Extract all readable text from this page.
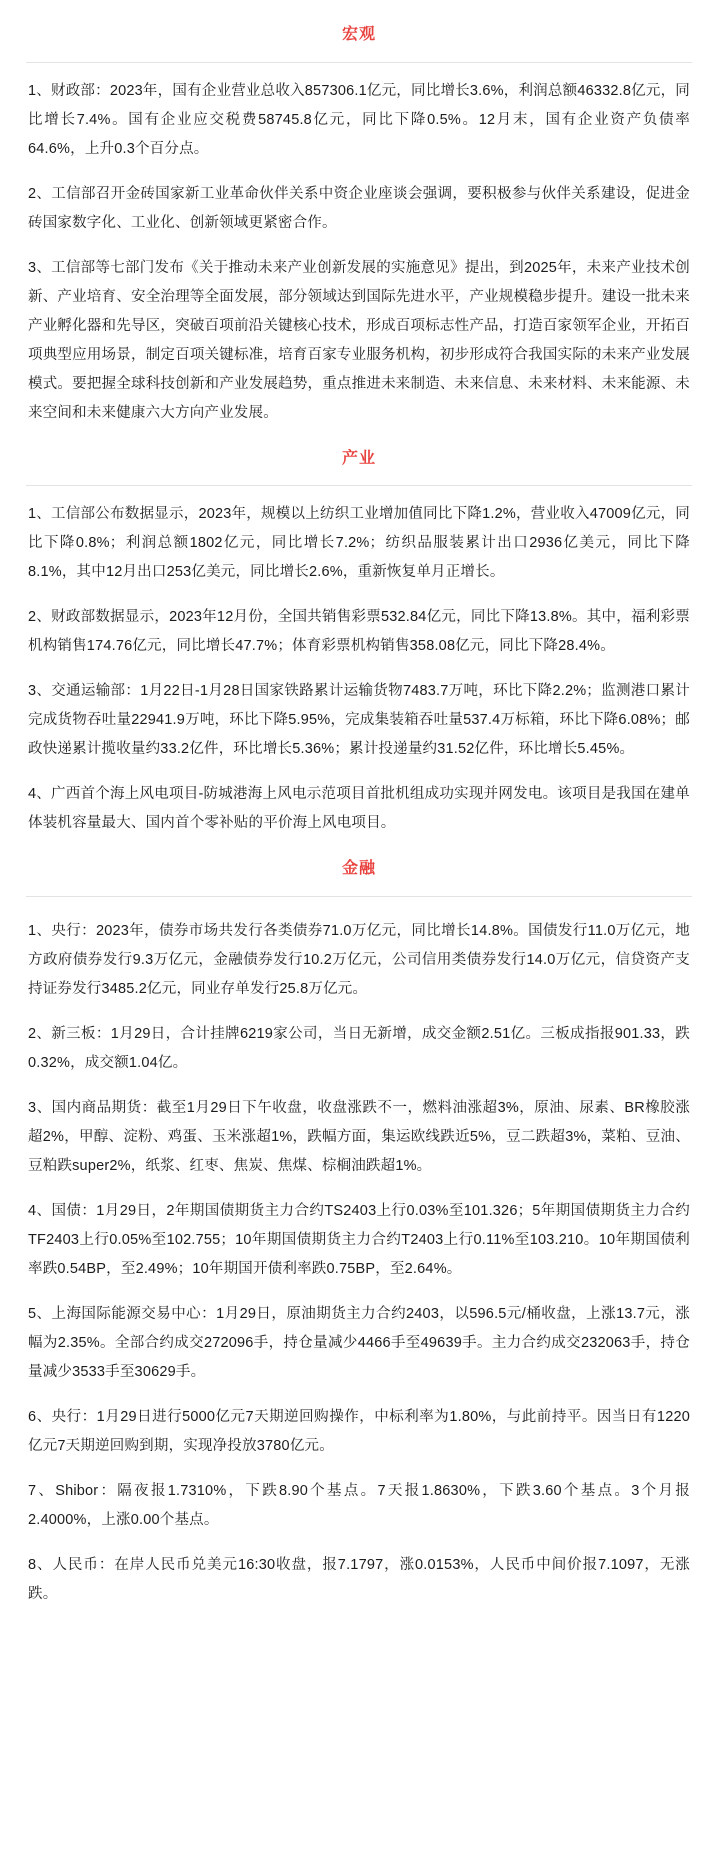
宏观

1、财政部：2023年，国有企业营业总收入857306.1亿元，同比增长3.6%，利润总额46332.8亿元，同比增长7.4%。国有企业应交税费58745.8亿元，同比下降0.5%。12月末，国有企业资产负债率64.6%，上升0.3个百分点。

2、工信部召开金砖国家新工业革命伙伴关系中资企业座谈会强调，要积极参与伙伴关系建设，促进金砖国家数字化、工业化、创新领域更紧密合作。

3、工信部等七部门发布《关于推动未来产业创新发展的实施意见》提出，到2025年，未来产业技术创新、产业培育、安全治理等全面发展，部分领域达到国际先进水平，产业规模稳步提升。建设一批未来产业孵化器和先导区，突破百项前沿关键核心技术，形成百项标志性产品，打造百家领军企业，开拓百项典型应用场景，制定百项关键标准，培育百家专业服务机构，初步形成符合我国实际的未来产业发展模式。要把握全球科技创新和产业发展趋势，重点推进未来制造、未来信息、未来材料、未来能源、未来空间和未来健康六大方向产业发展。

产业

1、工信部公布数据显示，2023年，规模以上纺织工业增加值同比下降1.2%，营业收入47009亿元，同比下降0.8%；利润总额1802亿元，同比增长7.2%；纺织品服装累计出口2936亿美元，同比下降8.1%，其中12月出口253亿美元，同比增长2.6%，重新恢复单月正增长。

2、财政部数据显示，2023年12月份，全国共销售彩票532.84亿元，同比下降13.8%。其中，福利彩票机构销售174.76亿元，同比增长47.7%；体育彩票机构销售358.08亿元，同比下降28.4%。

3、交通运输部：1月22日-1月28日国家铁路累计运输货物7483.7万吨，环比下降2.2%；监测港口累计完成货物吞吐量22941.9万吨，环比下降5.95%，完成集装箱吞吐量537.4万标箱，环比下降6.08%；邮政快递累计揽收量约33.2亿件，环比增长5.36%；累计投递量约31.52亿件，环比增长5.45%。

4、广西首个海上风电项目-防城港海上风电示范项目首批机组成功实现并网发电。该项目是我国在建单体装机容量最大、国内首个零补贴的平价海上风电项目。

金融

1、央行：2023年，债券市场共发行各类债券71.0万亿元，同比增长14.8%。国债发行11.0万亿元，地方政府债券发行9.3万亿元，金融债券发行10.2万亿元，公司信用类债券发行14.0万亿元，信贷资产支持证券发行3485.2亿元，同业存单发行25.8万亿元。

2、新三板：1月29日，合计挂牌6219家公司，当日无新增，成交金额2.51亿。三板成指报901.33，跌0.32%，成交额1.04亿。

3、国内商品期货：截至1月29日下午收盘，收盘涨跌不一，燃料油涨超3%，原油、尿素、BR橡胶涨超2%，甲醇、淀粉、鸡蛋、玉米涨超1%，跌幅方面，集运欧线跌近5%，豆二跌超3%，菜粕、豆油、豆粕跌super2%，纸浆、红枣、焦炭、焦煤、棕榈油跌超1%。

4、国债：1月29日，2年期国债期货主力合约TS2403上行0.03%至101.326；5年期国债期货主力合约TF2403上行0.05%至102.755；10年期国债期货主力合约T2403上行0.11%至103.210。10年期国债利率跌0.54BP，至2.49%；10年期国开债利率跌0.75BP，至2.64%。

5、上海国际能源交易中心：1月29日，原油期货主力合约2403，以596.5元/桶收盘，上涨13.7元，涨幅为2.35%。全部合约成交272096手，持仓量减少4466手至49639手。主力合约成交232063手，持仓量减少3533手至30629手。

6、央行：1月29日进行5000亿元7天期逆回购操作，中标利率为1.80%，与此前持平。因当日有1220亿元7天期逆回购到期，实现净投放3780亿元。

7、Shibor：隔夜报1.7310%，下跌8.90个基点。7天报1.8630%，下跌3.60个基点。3个月报2.4000%，上涨0.00个基点。

8、人民币：在岸人民币兑美元16:30收盘，报7.1797，涨0.0153%，人民币中间价报7.1097，无涨跌。
